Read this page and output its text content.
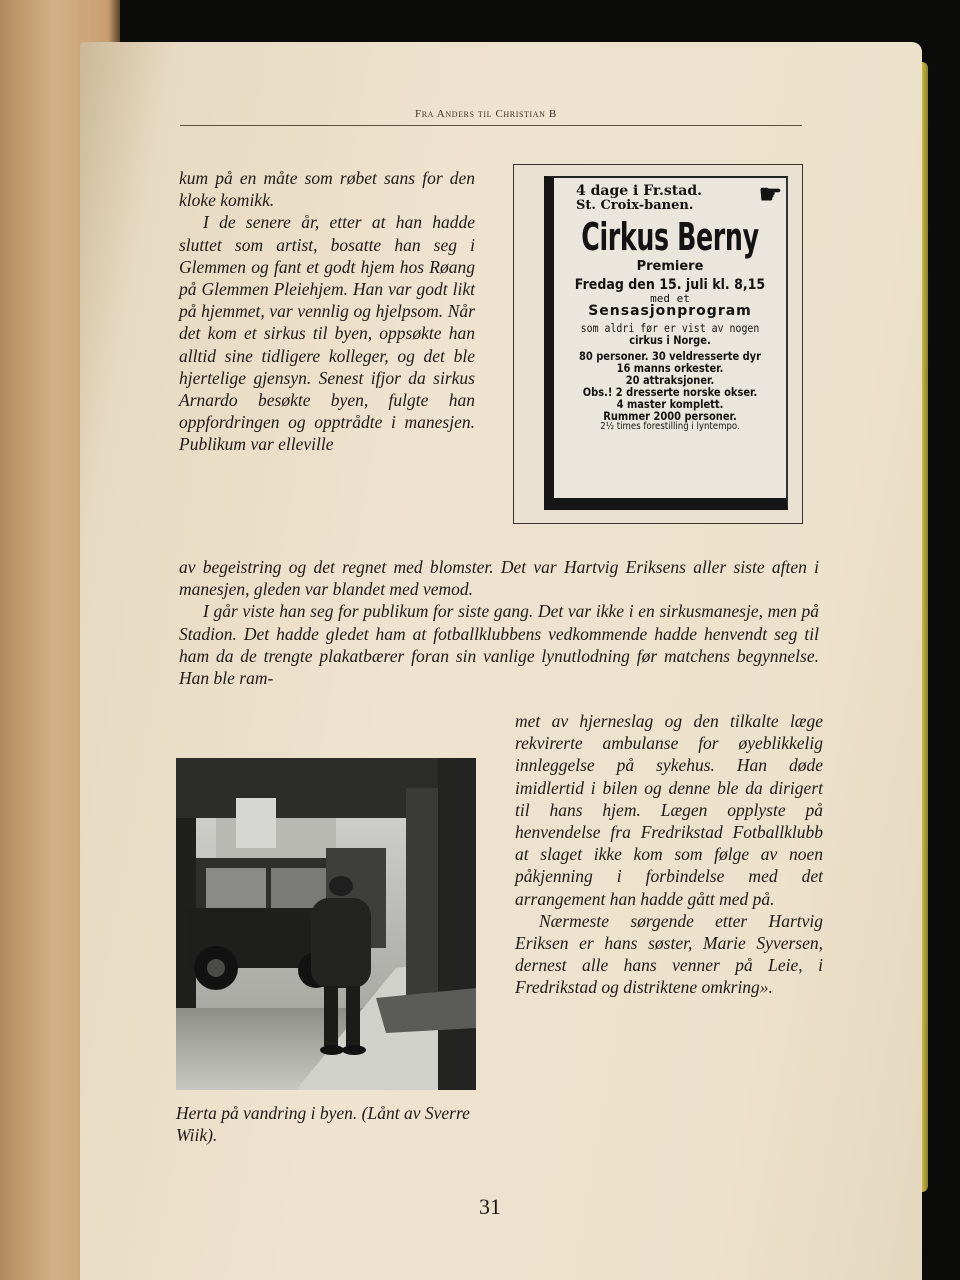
Fra Anders til Christian B

kum på en måte som røbet sans for den kloke komikk.

I de senere år, etter at han hadde sluttet som artist, bosatte han seg i Glemmen og fant et godt hjem hos Røang på Glemmen Pleiehjem. Han var godt likt på hjemmet, var vennlig og hjelpsom. Når det kom et sirkus til byen, oppsøkte han alltid sine tidligere kolleger, og det ble hjertelige gjensyn. Senest ifjor da sirkus Arnardo besøkte byen, fulgte han oppfordringen og opptrådte i manesjen. Publikum var elleville

4 dage i Fr.stad. ☛
St. Croix-banen.
Cirkus Berny
Premiere
Fredag den 15. juli kl. 8,15
med et
Sensasjonprogram
som aldri før er vist av nogen
cirkus i Norge.
80 personer. 30 veldresserte dyr
16 manns orkester.
20 attraksjoner.
Obs.! 2 dresserte norske okser.
4 master komplett.
Rummer 2000 personer.
2½ times forestilling i lyntempo.

av begeistring og det regnet med blomster. Det var Hartvig Eriksens aller siste aften i manesjen, gleden var blandet med vemod.

I går viste han seg for publikum for siste gang. Det var ikke i en sirkusmanesje, men på Stadion. Det hadde gledet ham at fotballklubbens vedkommende hadde henvendt seg til ham da de trengte plakatbærer foran sin vanlige lynutlodning før matchens begynnelse. Han ble ram-

Herta på vandring i byen. (Lånt av Sverre Wiik).

met av hjerneslag og den tilkalte læge rekvirerte ambulanse for øyeblikkelig innleggelse på sykehus. Han døde imidlertid i bilen og denne ble da dirigert til hans hjem. Lægen opplyste på henvendelse fra Fredrikstad Fotballklubb at slaget ikke kom som følge av noen påkjenning i forbindelse med det arrangement han hadde gått med på.

Nærmeste sørgende etter Hartvig Eriksen er hans søster, Marie Syversen, dernest alle hans venner på Leie, i Fredrikstad og distriktene omkring».

31
